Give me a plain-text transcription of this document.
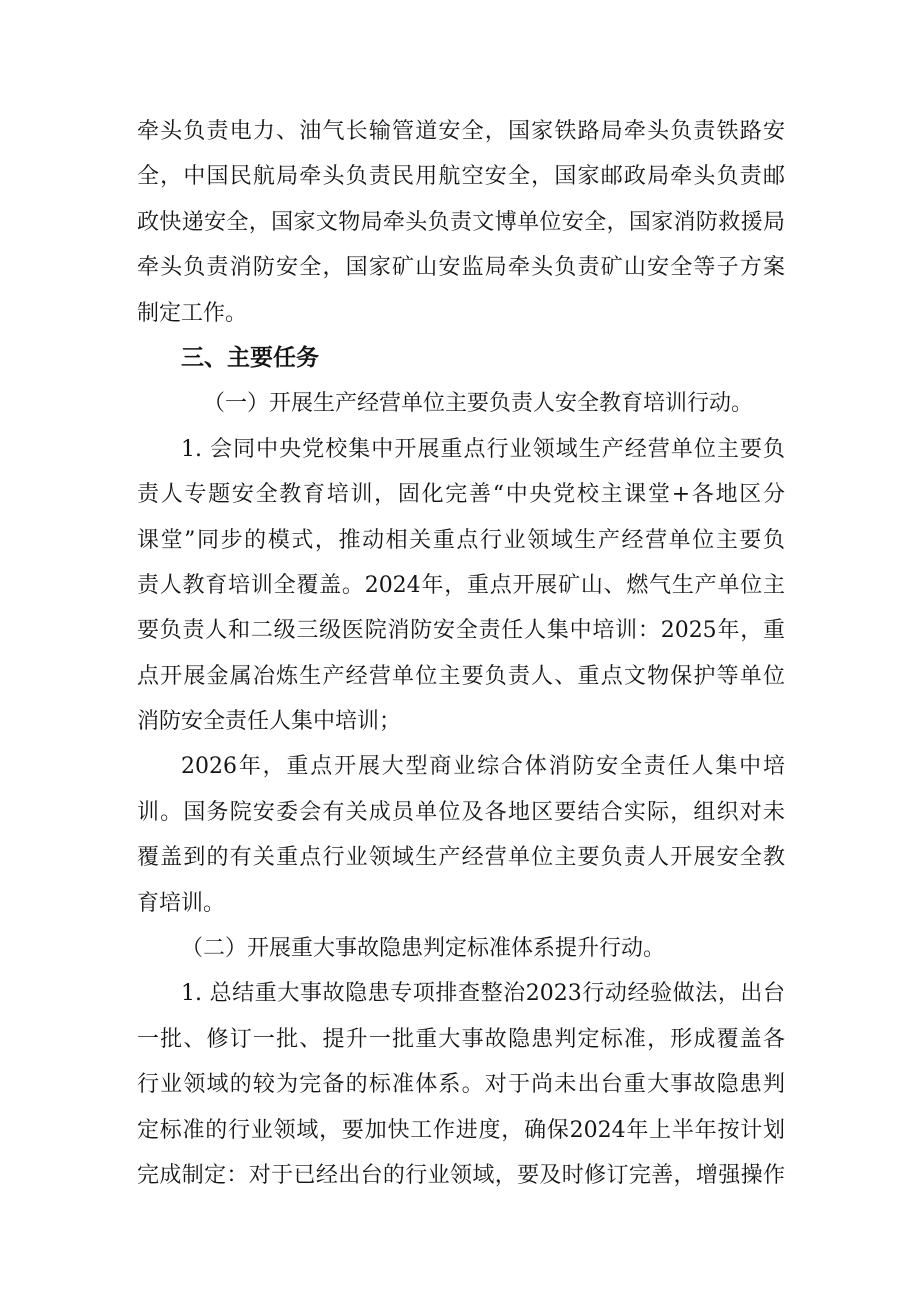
牵头负责电力、油气长输管道安全，国家铁路局牵头负责铁路安
全，中国民航局牵头负责民用航空安全，国家邮政局牵头负责邮
政快递安全，国家文物局牵头负责文博单位安全，国家消防救援局
牵头负责消防安全，国家矿山安监局牵头负责矿山安全等子方案
制定工作。
三、主要任务
（一）开展生产经营单位主要负责人安全教育培训行动。
1. 会同中央党校集中开展重点行业领域生产经营单位主要负
责人专题安全教育培训，固化完善“中央党校主课堂+各地区分
课堂”同步的模式，推动相关重点行业领域生产经营单位主要负
责人教育培训全覆盖。2024年，重点开展矿山、燃气生产单位主
要负责人和二级三级医院消防安全责任人集中培训：2025年，重
点开展金属冶炼生产经营单位主要负责人、重点文物保护等单位
消防安全责任人集中培训；
2026年，重点开展大型商业综合体消防安全责任人集中培
训。国务院安委会有关成员单位及各地区要结合实际，组织对未
覆盖到的有关重点行业领域生产经营单位主要负责人开展安全教
育培训。
（二）开展重大事故隐患判定标准体系提升行动。
1. 总结重大事故隐患专项排查整治2023行动经验做法，出台
一批、修订一批、提升一批重大事故隐患判定标准，形成覆盖各
行业领域的较为完备的标准体系。对于尚未出台重大事故隐患判
定标准的行业领域，要加快工作进度，确保2024年上半年按计划
完成制定：对于已经出台的行业领域，要及时修订完善，增强操作
